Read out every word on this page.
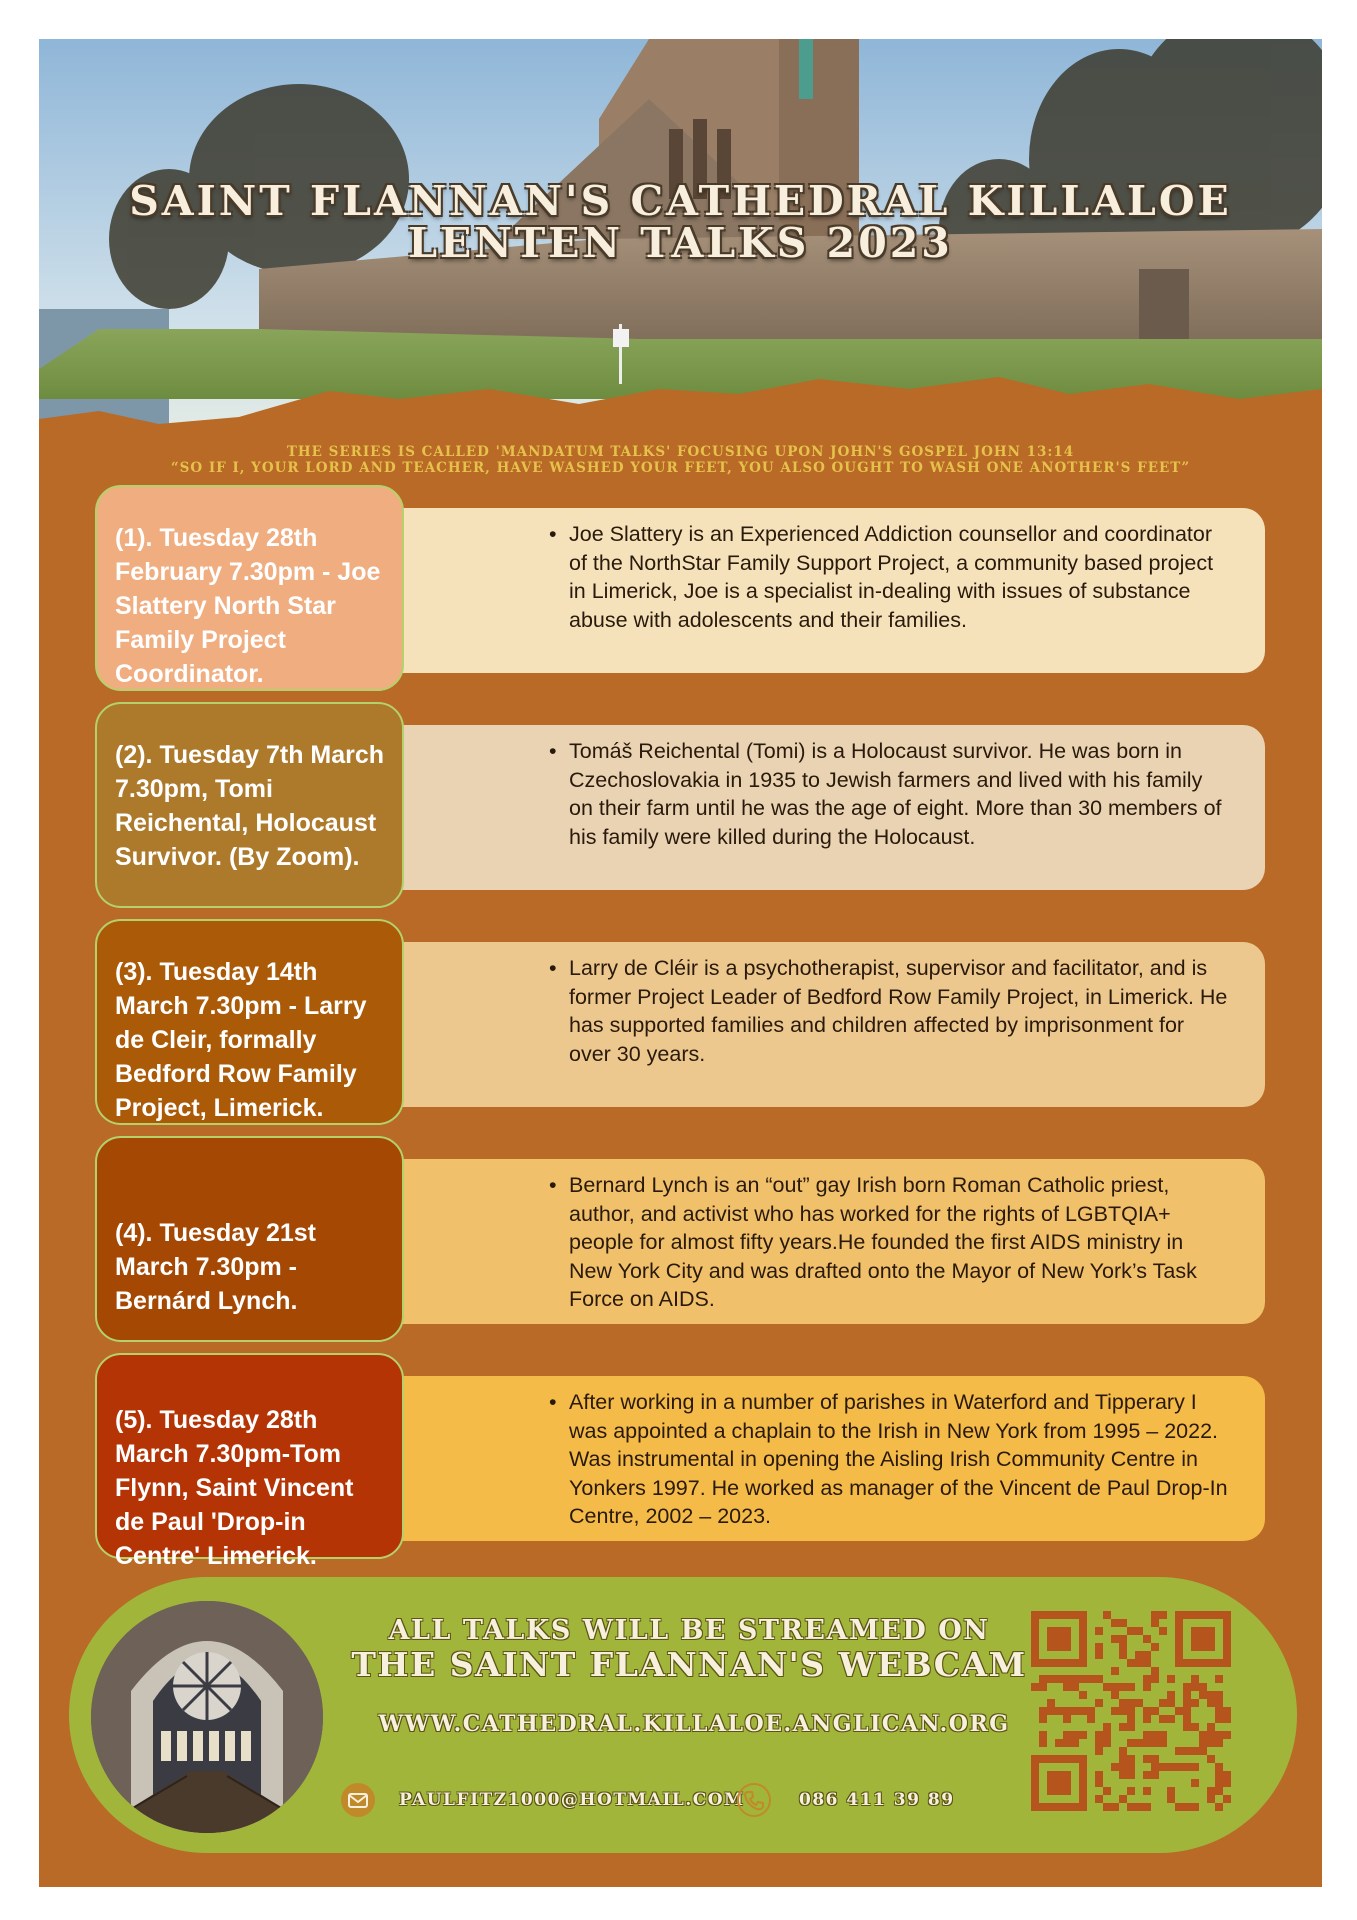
SAINT FLANNAN'S CATHEDRAL KILLALOE
LENTEN TALKS 2023
THE SERIES IS CALLED 'MANDATUM TALKS' FOCUSING UPON JOHN'S GOSPEL JOHN 13:14
“SO IF I, YOUR LORD AND TEACHER, HAVE WASHED YOUR FEET, YOU ALSO OUGHT TO WASH ONE ANOTHER'S FEET”
• Joe Slattery is an Experienced Addiction counsellor and coordinator of the NorthStar Family Support Project, a community based project in Limerick, Joe is a specialist in-dealing with issues of substance abuse with adolescents and their families.
(1). Tuesday 28th February 7.30pm - Joe Slattery North Star Family Project Coordinator.
• Tomáš Reichental (Tomi) is a Holocaust survivor. He was born in Czechoslovakia in 1935 to Jewish farmers and lived with his family on their farm until he was the age of eight. More than 30 members of his family were killed during the Holocaust.
(2). Tuesday 7th March 7.30pm, Tomi Reichental, Holocaust Survivor. (By Zoom).
• Larry de Cléir is a psychotherapist, supervisor and facilitator, and is former Project Leader of Bedford Row Family Project, in Limerick. He has supported families and children affected by imprisonment for over 30 years.
(3). Tuesday 14th March 7.30pm - Larry de Cleir, formally Bedford Row Family Project, Limerick.
• Bernard Lynch is an “out” gay Irish born Roman Catholic priest, author, and activist who has worked for the rights of LGBTQIA+ people for almost fifty years.He founded the first AIDS ministry in New York City and was drafted onto the Mayor of New York’s Task Force on AIDS.
(4). Tuesday 21st March 7.30pm - Bernárd Lynch.
• After working in a number of parishes in Waterford and Tipperary I was appointed a chaplain to the Irish in New York from 1995 – 2022. Was instrumental in opening the Aisling Irish Community Centre in Yonkers 1997. He worked as manager of the Vincent de Paul Drop-In Centre, 2002 – 2023.
(5). Tuesday 28th March 7.30pm-Tom Flynn, Saint Vincent de Paul 'Drop-in Centre' Limerick.
ALL TALKS WILL BE STREAMED ON
THE SAINT FLANNAN'S WEBCAM
WWW.CATHEDRAL.KILLALOE.ANGLICAN.ORG
PAULFITZ1000@HOTMAIL.COM	086 411 39 89
